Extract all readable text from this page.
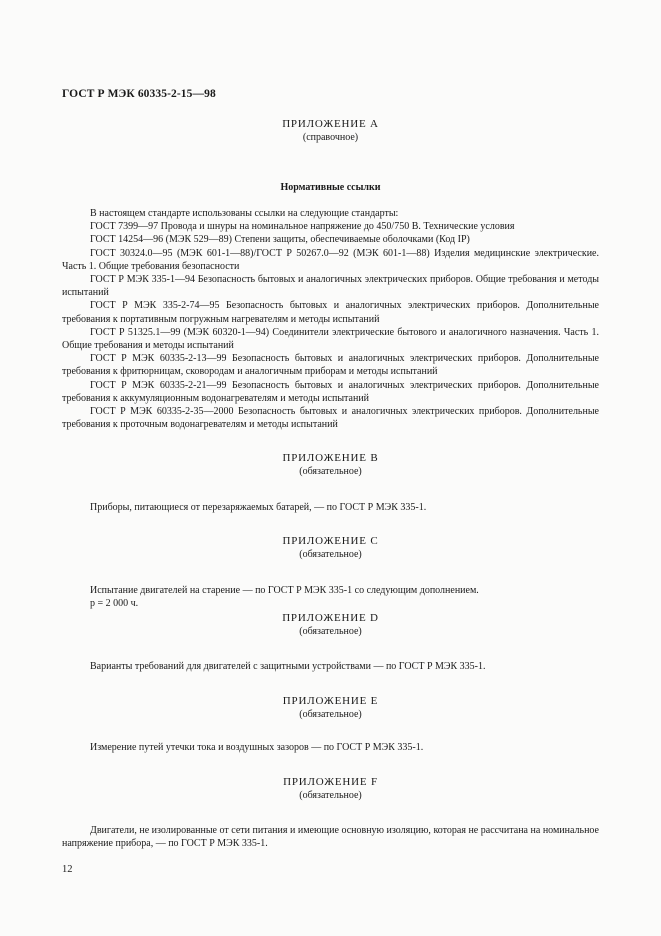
ГОСТ Р МЭК 60335-2-15—98
ПРИЛОЖЕНИЕ А
(справочное)
Нормативные ссылки
В настоящем стандарте использованы ссылки на следующие стандарты:
ГОСТ 7399—97 Провода и шнуры на номинальное напряжение до 450/750 В. Технические условия
ГОСТ 14254—96 (МЭК 529—89) Степени защиты, обеспечиваемые оболочками (Код IP)
ГОСТ 30324.0—95 (МЭК 601-1—88)/ГОСТ Р 50267.0—92 (МЭК 601-1—88) Изделия медицинские электрические. Часть 1. Общие требования безопасности
ГОСТ Р МЭК 335-1—94 Безопасность бытовых и аналогичных электрических приборов. Общие требования и методы испытаний
ГОСТ Р МЭК 335-2-74—95 Безопасность бытовых и аналогичных электрических приборов. Дополнительные требования к портативным погружным нагревателям и методы испытаний
ГОСТ Р 51325.1—99 (МЭК 60320-1—94) Соединители электрические бытового и аналогичного назначения. Часть 1. Общие требования и методы испытаний
ГОСТ Р МЭК 60335-2-13—99 Безопасность бытовых и аналогичных электрических приборов. Дополнительные требования к фритюрницам, сковородам и аналогичным приборам и методы испытаний
ГОСТ Р МЭК 60335-2-21—99 Безопасность бытовых и аналогичных электрических приборов. Дополнительные требования к аккумуляционным водонагревателям и методы испытаний
ГОСТ Р МЭК 60335-2-35—2000 Безопасность бытовых и аналогичных электрических приборов. Дополнительные требования к проточным водонагревателям и методы испытаний
ПРИЛОЖЕНИЕ В
(обязательное)
Приборы, питающиеся от перезаряжаемых батарей, — по ГОСТ Р МЭК 335-1.
ПРИЛОЖЕНИЕ С
(обязательное)
Испытание двигателей на старение — по ГОСТ Р МЭК 335-1 со следующим дополнением.
p = 2 000 ч.
ПРИЛОЖЕНИЕ D
(обязательное)
Варианты требований для двигателей с защитными устройствами — по ГОСТ Р МЭК 335-1.
ПРИЛОЖЕНИЕ Е
(обязательное)
Измерение путей утечки тока и воздушных зазоров — по ГОСТ Р МЭК 335-1.
ПРИЛОЖЕНИЕ F
(обязательное)
Двигатели, не изолированные от сети питания и имеющие основную изоляцию, которая не рассчитана на номинальное напряжение прибора, — по ГОСТ Р МЭК 335-1.
12
